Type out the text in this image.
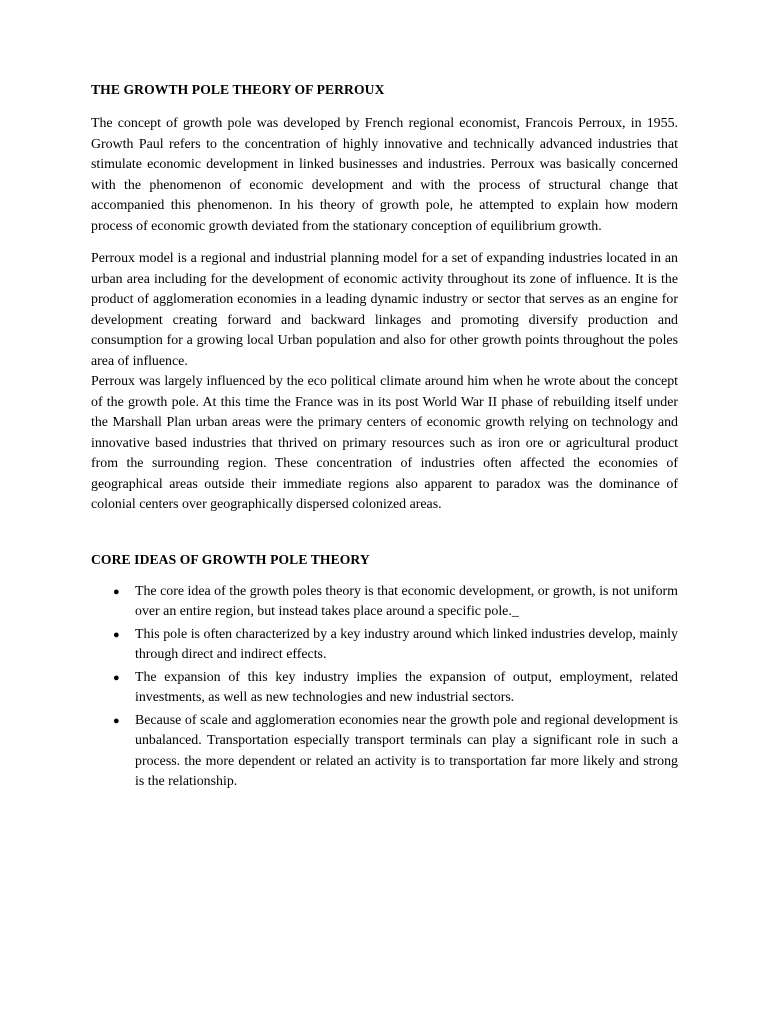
THE GROWTH POLE THEORY OF PERROUX

The concept of growth pole was developed by French regional economist, Francois Perroux, in 1955. Growth Paul refers to the concentration of highly innovative and technically advanced industries that stimulate economic development in linked businesses and industries. Perroux was basically concerned with the phenomenon of economic development and with the process of structural change that accompanied this phenomenon. In his theory of growth pole, he attempted to explain how modern process of economic growth deviated from the stationary conception of equilibrium growth.

Perroux model is a regional and industrial planning model for a set of expanding industries located in an urban area including for the development of economic activity throughout its zone of influence. It is the product of agglomeration economies in a leading dynamic industry or sector that serves as an engine for development creating forward and backward linkages and promoting diversify production and consumption for a growing local Urban population and also for other growth points throughout the poles area of influence.

Perroux was largely influenced by the eco political climate around him when he wrote about the concept of the growth pole. At this time the France was in its post World War II phase of rebuilding itself under the Marshall Plan urban areas were the primary centers of economic growth relying on technology and innovative based industries that thrived on primary resources such as iron ore or agricultural product from the surrounding region. These concentration of industries often affected the economies of geographical areas outside their immediate regions also apparent to paradox was the dominance of colonial centers over geographically dispersed colonized areas.

CORE IDEAS OF GROWTH POLE THEORY
● The core idea of the growth poles theory is that economic development, or growth, is not uniform over an entire region, but instead takes place around a specific pole._
● This pole is often characterized by a key industry around which linked industries develop, mainly through direct and indirect effects.
● The expansion of this key industry implies the expansion of output, employment, related investments, as well as new technologies and new industrial sectors.
● Because of scale and agglomeration economies near the growth pole and regional development is unbalanced. Transportation especially transport terminals can play a significant role in such a process. the more dependent or related an activity is to transportation far more likely and strong is the relationship.
